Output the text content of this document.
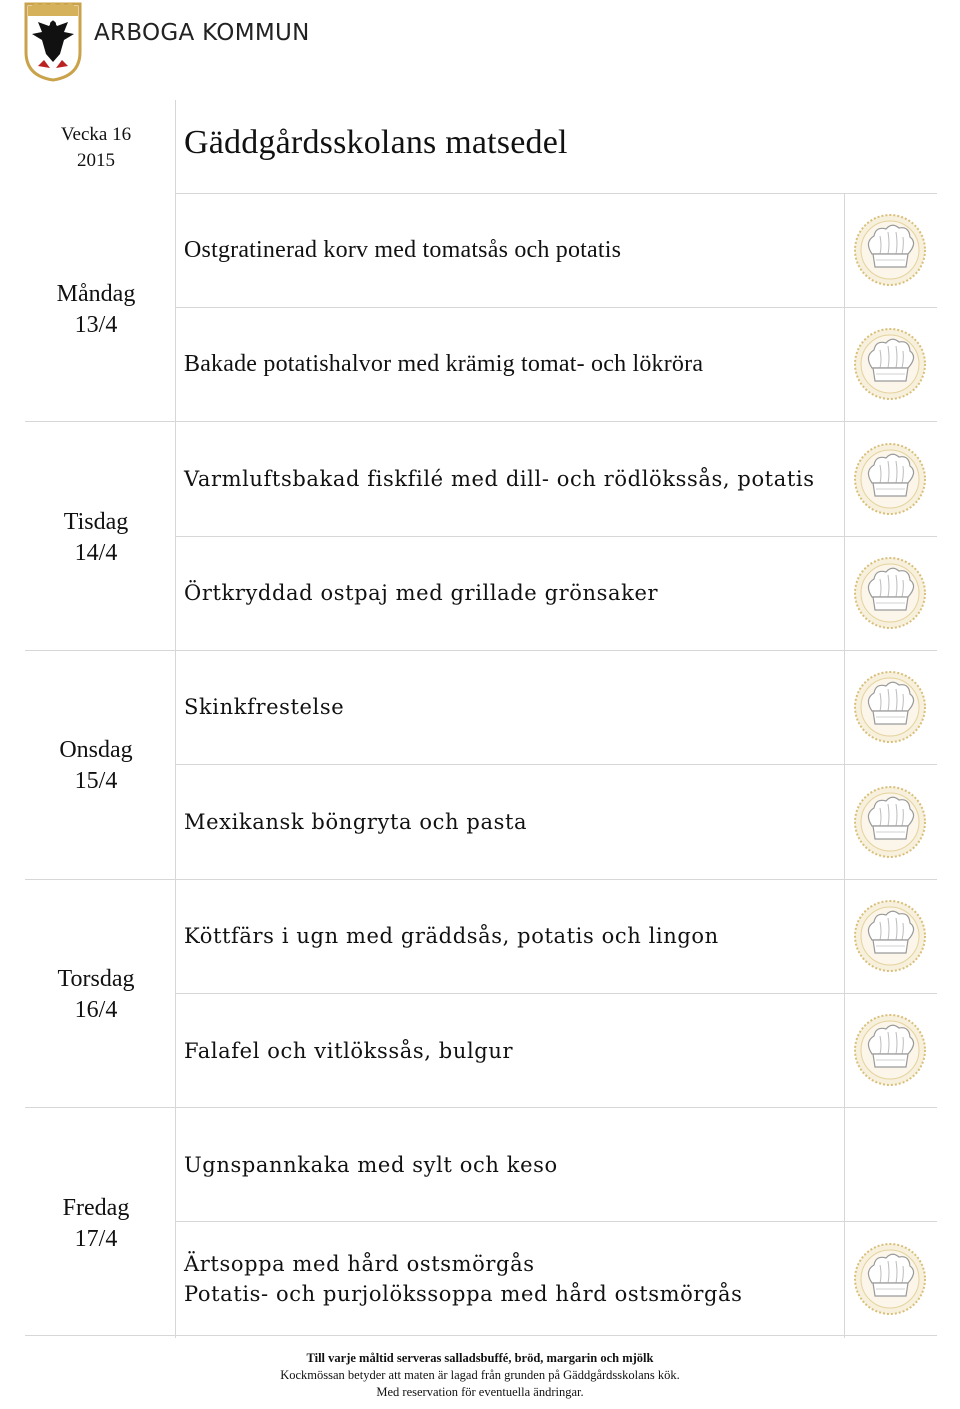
ARBOGA KOMMUN
Vecka 16
2015	Gäddgårdsskolans matsedel
Måndag
13/4
Tisdag
14/4
Onsdag
15/4
Torsdag
16/4
Fredag
17/4
Ostgratinerad korv med tomatsås och potatis
Bakade potatishalvor med krämig tomat- och lökröra
Varmluftsbakad fiskfilé med dill- och rödlökssås, potatis
Örtkryddad ostpaj med grillade grönsaker
Skinkfrestelse
Mexikansk böngryta och pasta
Köttfärs i ugn med gräddsås, potatis och lingon
Falafel och vitlökssås, bulgur
Ugnspannkaka med sylt och keso
Ärtsoppa med hård ostsmörgås
Potatis- och purjolökssoppa med hård ostsmörgås
Till varje måltid serveras salladsbuffé, bröd, margarin och mjölk
Kockmössan betyder att maten är lagad från grunden på Gäddgårdsskolans kök.
Med reservation för eventuella ändringar.
